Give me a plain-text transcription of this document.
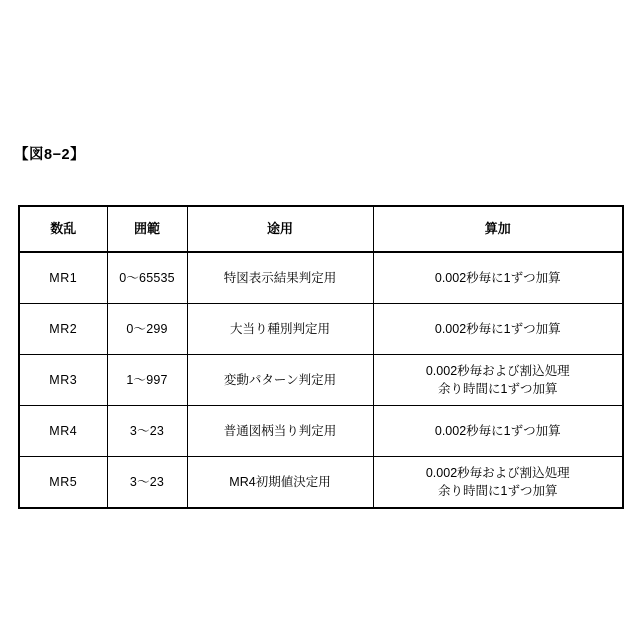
【図8−2】
数乱	囲範	途用	算加
MR1	0〜65535	特図表示結果判定用	0.002秒毎に1ずつ加算

MR2	0〜299	大当り種別判定用	0.002秒毎に1ずつ加算

MR3	1〜997	変動パターン判定用	0.002秒毎および割込処理
余り時間に1ずつ加算

MR4	3〜23	普通図柄当り判定用	0.002秒毎に1ずつ加算

MR5	3〜23	MR4初期値決定用	0.002秒毎および割込処理
余り時間に1ずつ加算
